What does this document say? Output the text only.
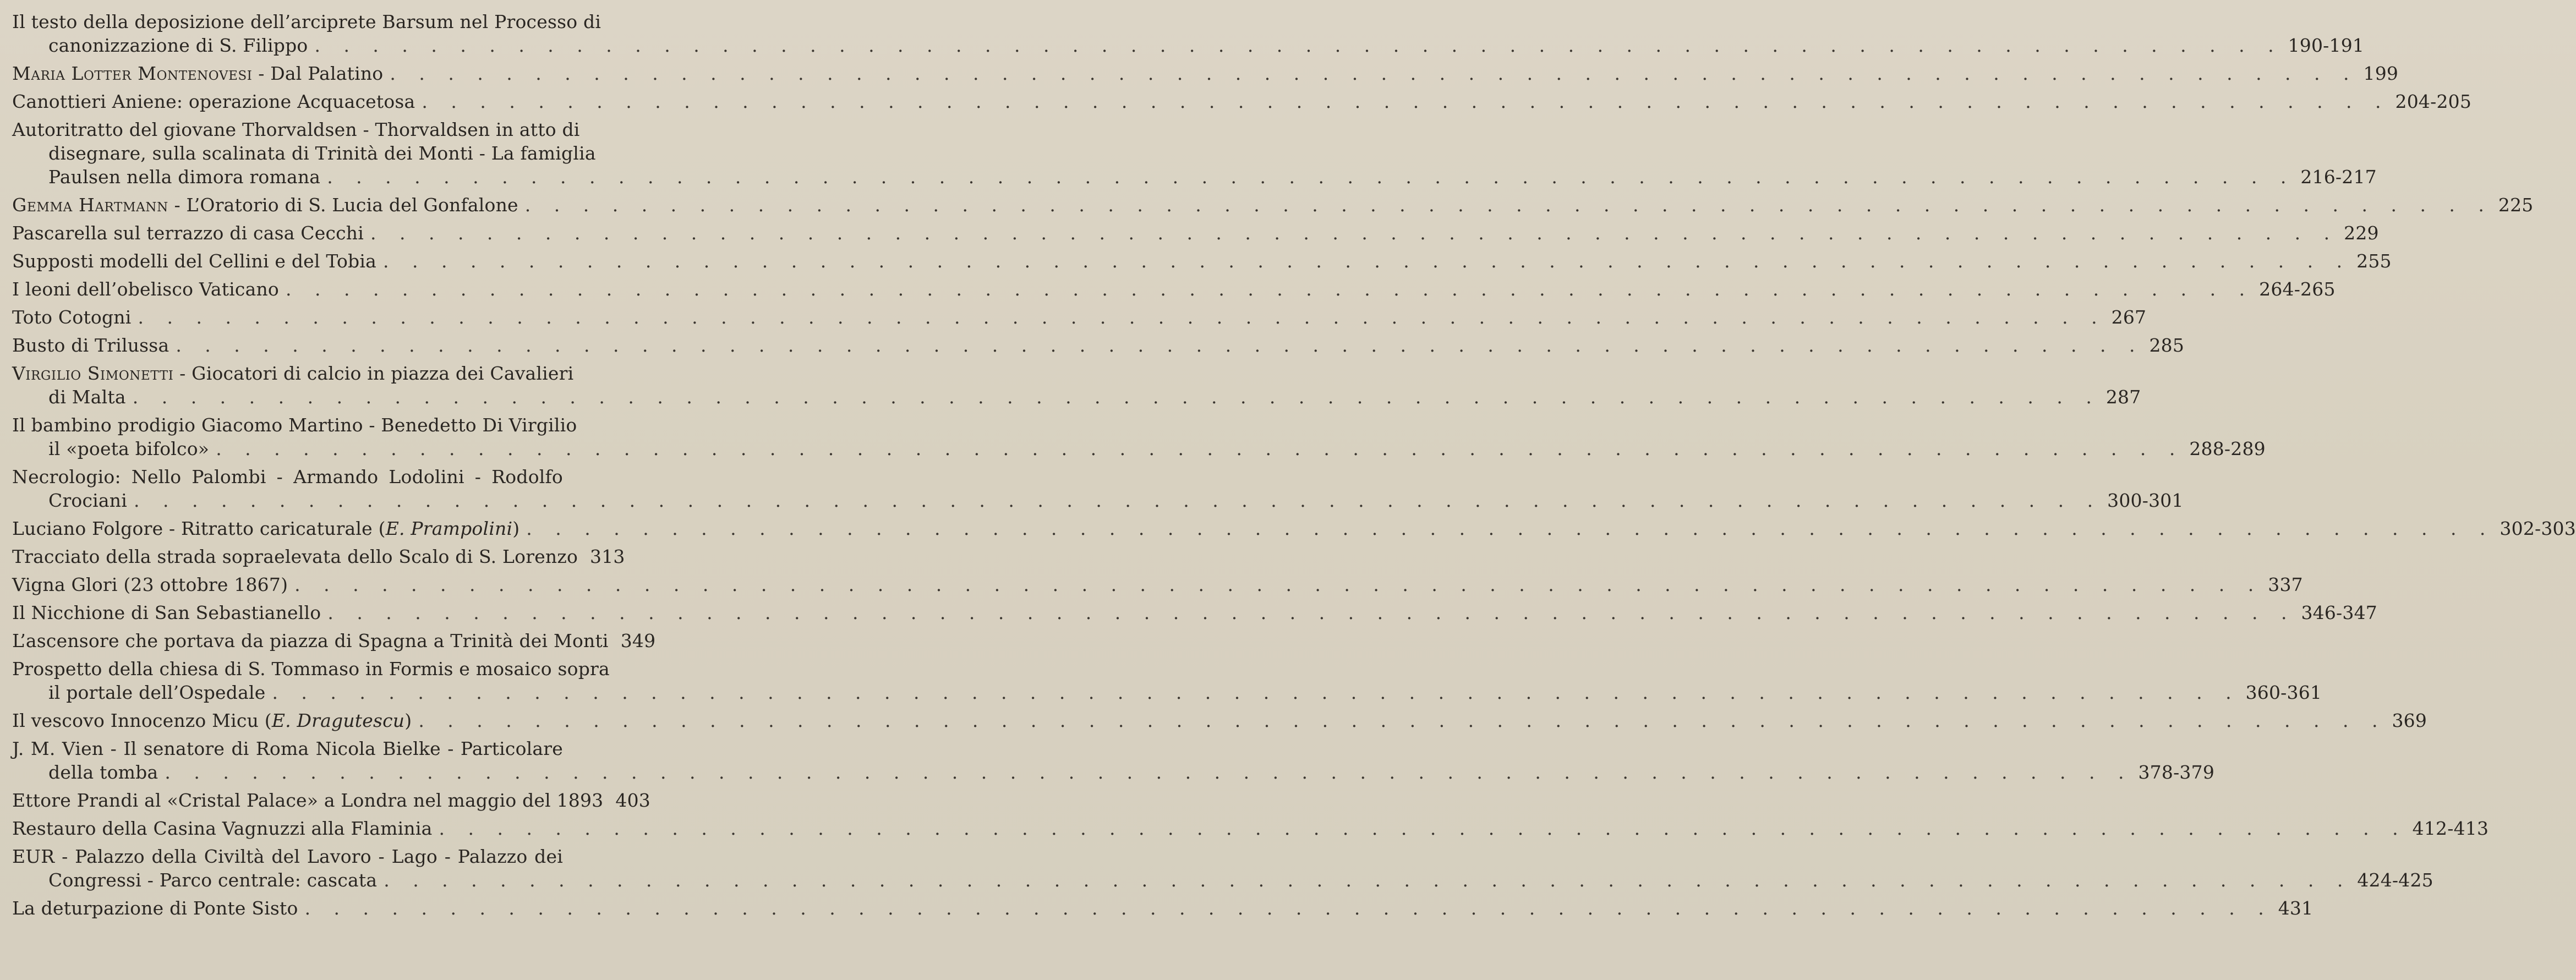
Il testo della deposizione dell’arciprete Barsum nel Processo di
canonizzazione di S. Filippo . . .	190-191
Maria Lotter Montenovesi - Dal Palatino . . .	199
Canottieri Aniene: operazione Acquacetosa . . .	204-205
Autoritratto del giovane Thorvaldsen - Thorvaldsen in atto di
disegnare, sulla scalinata di Trinità dei Monti - La famiglia
Paulsen nella dimora romana . . .	216-217
Gemma Hartmann - L’Oratorio di S. Lucia del Gonfalone . . .	225
Pascarella sul terrazzo di casa Cecchi . . .	229
Supposti modelli del Cellini e del Tobia . . .	255
I leoni dell’obelisco Vaticano . . .	264-265
Toto Cotogni . . .	267
Busto di Trilussa . . .	285
Virgilio Simonetti - Giocatori di calcio in piazza dei Cavalieri
di Malta . . .	287
Il bambino prodigio Giacomo Martino - Benedetto Di Virgilio
il «poeta bifolco» . . .	288-289
Necrologio: Nello Palombi - Armando Lodolini - Rodolfo
Crociani . . .	300-301
Luciano Folgore - Ritratto caricaturale (E. Prampolini) . . .	302-303
Tracciato della strada sopraelevata dello Scalo di S. Lorenzo 313
Vigna Glori (23 ottobre 1867) . . .	337
Il Nicchione di San Sebastianello . . .	346-347
L’ascensore che portava da piazza di Spagna a Trinità dei Monti 349
Prospetto della chiesa di S. Tommaso in Formis e mosaico sopra
il portale dell’Ospedale . . .	360-361
Il vescovo Innocenzo Micu (E. Dragutescu) . . .	369
J. M. Vien - Il senatore di Roma Nicola Bielke - Particolare
della tomba . . .	378-379
Ettore Prandi al «Cristal Palace» a Londra nel maggio del 1893 403
Restauro della Casina Vagnuzzi alla Flaminia . . .	412-413
EUR - Palazzo della Civiltà del Lavoro - Lago - Palazzo dei
Congressi - Parco centrale: cascata . . .	424-425
La deturpazione di Ponte Sisto . . .	431
